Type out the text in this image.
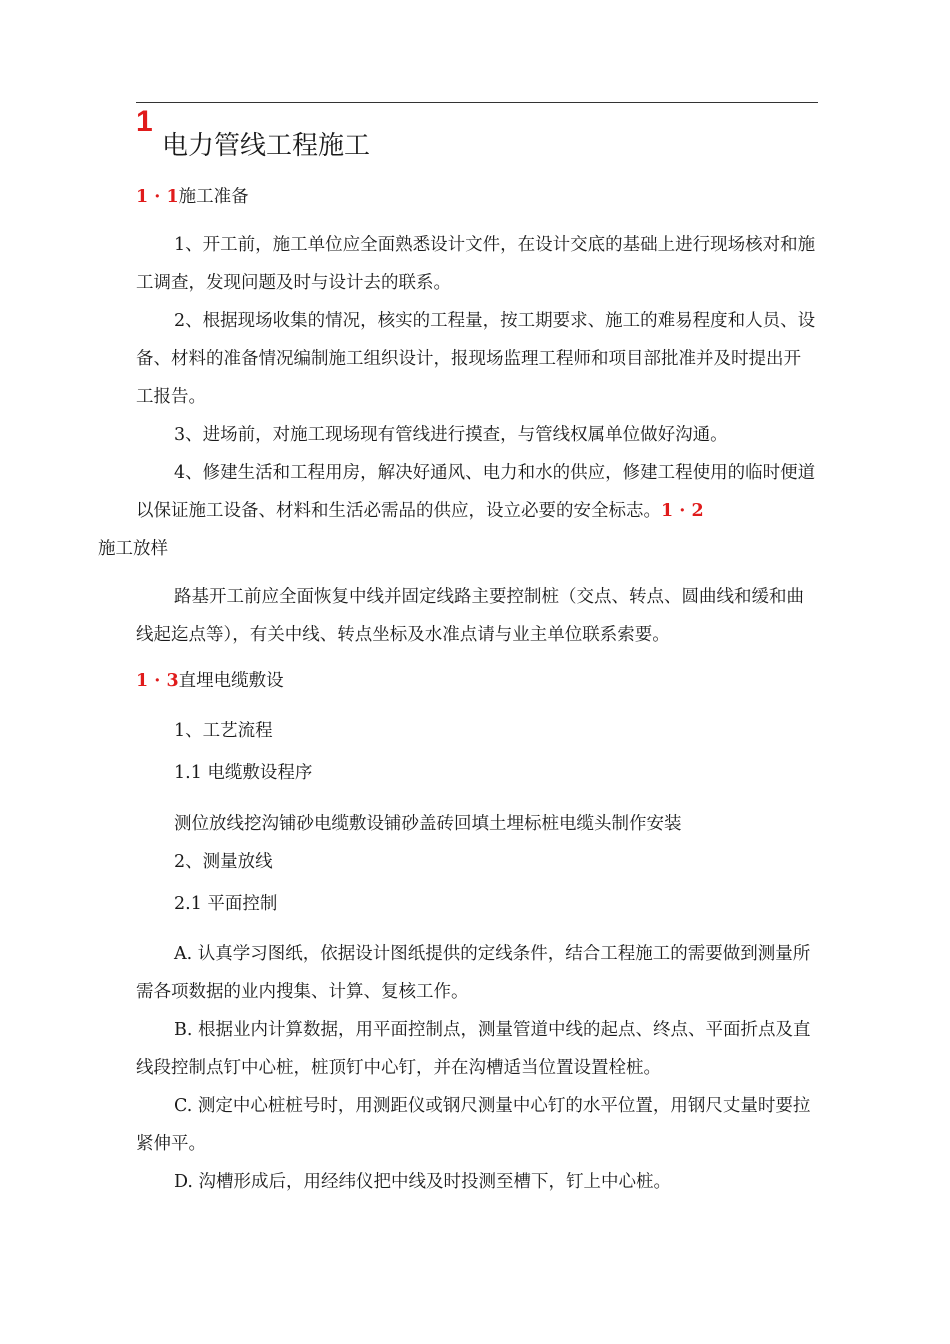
1
电力管线工程施工
1 · 1施工准备

1、开工前，施工单位应全面熟悉设计文件，在设计交底的基础上进行现场核对和施工调查，发现问题及时与设计去的联系。

2、根据现场收集的情况，核实的工程量，按工期要求、施工的难易程度和人员、设备、材料的准备情况编制施工组织设计，报现场监理工程师和项目部批准并及时提出开工报告。

3、进场前，对施工现场现有管线进行摸查，与管线权属单位做好沟通。

4、修建生活和工程用房，解决好通风、电力和水的供应，修建工程使用的临时便道以保证施工设备、材料和生活必需品的供应，设立必要的安全标志。1 · 2
施工放样

路基开工前应全面恢复中线并固定线路主要控制桩（交点、转点、圆曲线和缓和曲线起迄点等），有关中线、转点坐标及水准点请与业主单位联系索要。

1 · 3直埋电缆敷设
1、工艺流程
1.1 电缆敷设程序
测位放线挖沟铺砂电缆敷设铺砂盖砖回填土埋标桩电缆头制作安装
2、测量放线
2.1 平面控制

A. 认真学习图纸，依据设计图纸提供的定线条件，结合工程施工的需要做到测量所需各项数据的业内搜集、计算、复核工作。

B. 根据业内计算数据，用平面控制点，测量管道中线的起点、终点、平面折点及直线段控制点钉中心桩，桩顶钉中心钉，并在沟槽适当位置设置栓桩。

C. 测定中心桩桩号时，用测距仪或钢尺测量中心钉的水平位置，用钢尺丈量时要拉紧伸平。

D. 沟槽形成后，用经纬仪把中线及时投测至槽下，钉上中心桩。
